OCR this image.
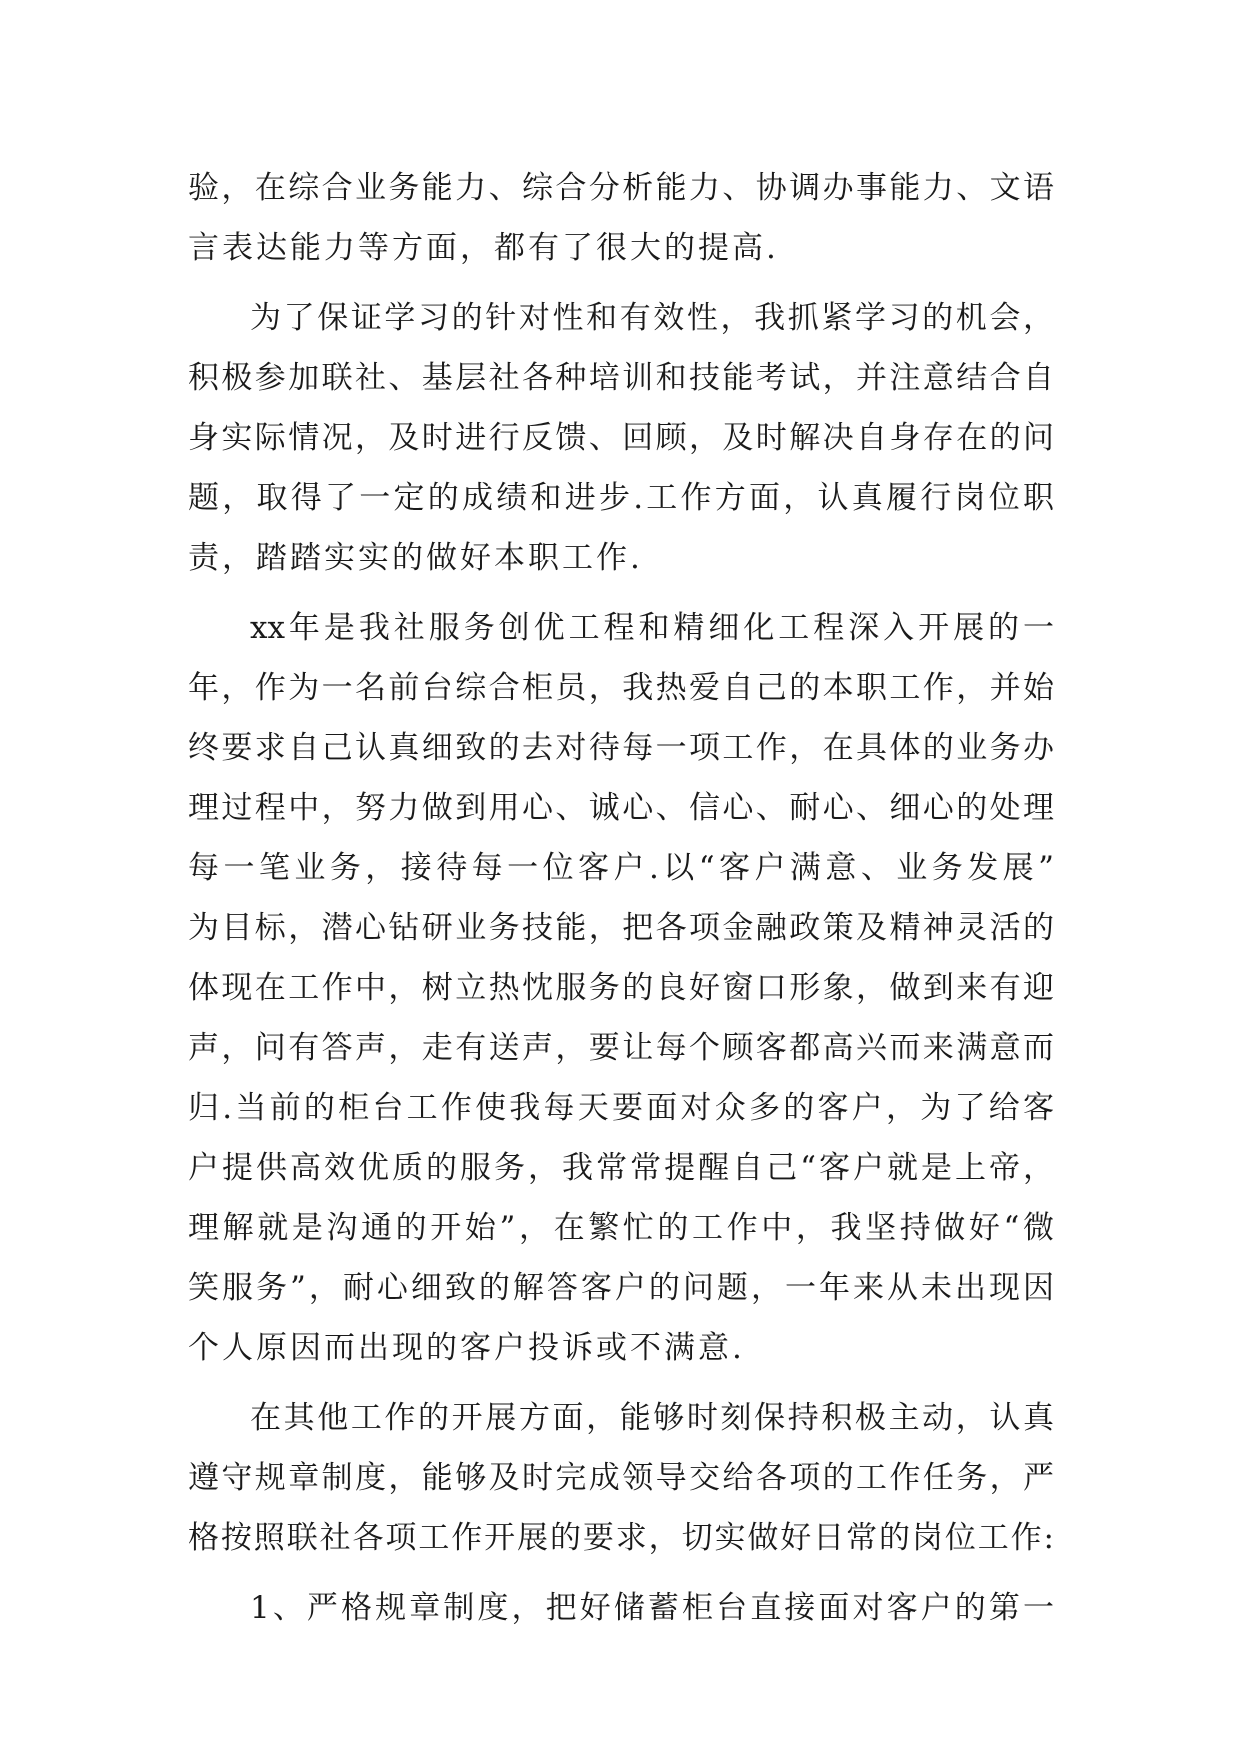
验，在综合业务能力、综合分析能力、协调办事能力、文语
言表达能力等方面，都有了很大的提高.
为了保证学习的针对性和有效性，我抓紧学习的机会，
积极参加联社、基层社各种培训和技能考试，并注意结合自
身实际情况，及时进行反馈、回顾，及时解决自身存在的问
题，取得了一定的成绩和进步.工作方面，认真履行岗位职
责，踏踏实实的做好本职工作.
xx年是我社服务创优工程和精细化工程深入开展的一
年，作为一名前台综合柜员，我热爱自己的本职工作，并始
终要求自己认真细致的去对待每一项工作，在具体的业务办
理过程中，努力做到用心、诚心、信心、耐心、细心的处理
每一笔业务，接待每一位客户.以“客户满意、业务发展”
为目标，潜心钻研业务技能，把各项金融政策及精神灵活的
体现在工作中，树立热忱服务的良好窗口形象，做到来有迎
声，问有答声，走有送声，要让每个顾客都高兴而来满意而
归.当前的柜台工作使我每天要面对众多的客户，为了给客
户提供高效优质的服务，我常常提醒自己“客户就是上帝，
理解就是沟通的开始”，在繁忙的工作中，我坚持做好“微
笑服务”，耐心细致的解答客户的问题，一年来从未出现因
个人原因而出现的客户投诉或不满意.
在其他工作的开展方面，能够时刻保持积极主动，认真
遵守规章制度，能够及时完成领导交给各项的工作任务，严
格按照联社各项工作开展的要求，切实做好日常的岗位工作:
1、严格规章制度，把好储蓄柜台直接面对客户的第一
